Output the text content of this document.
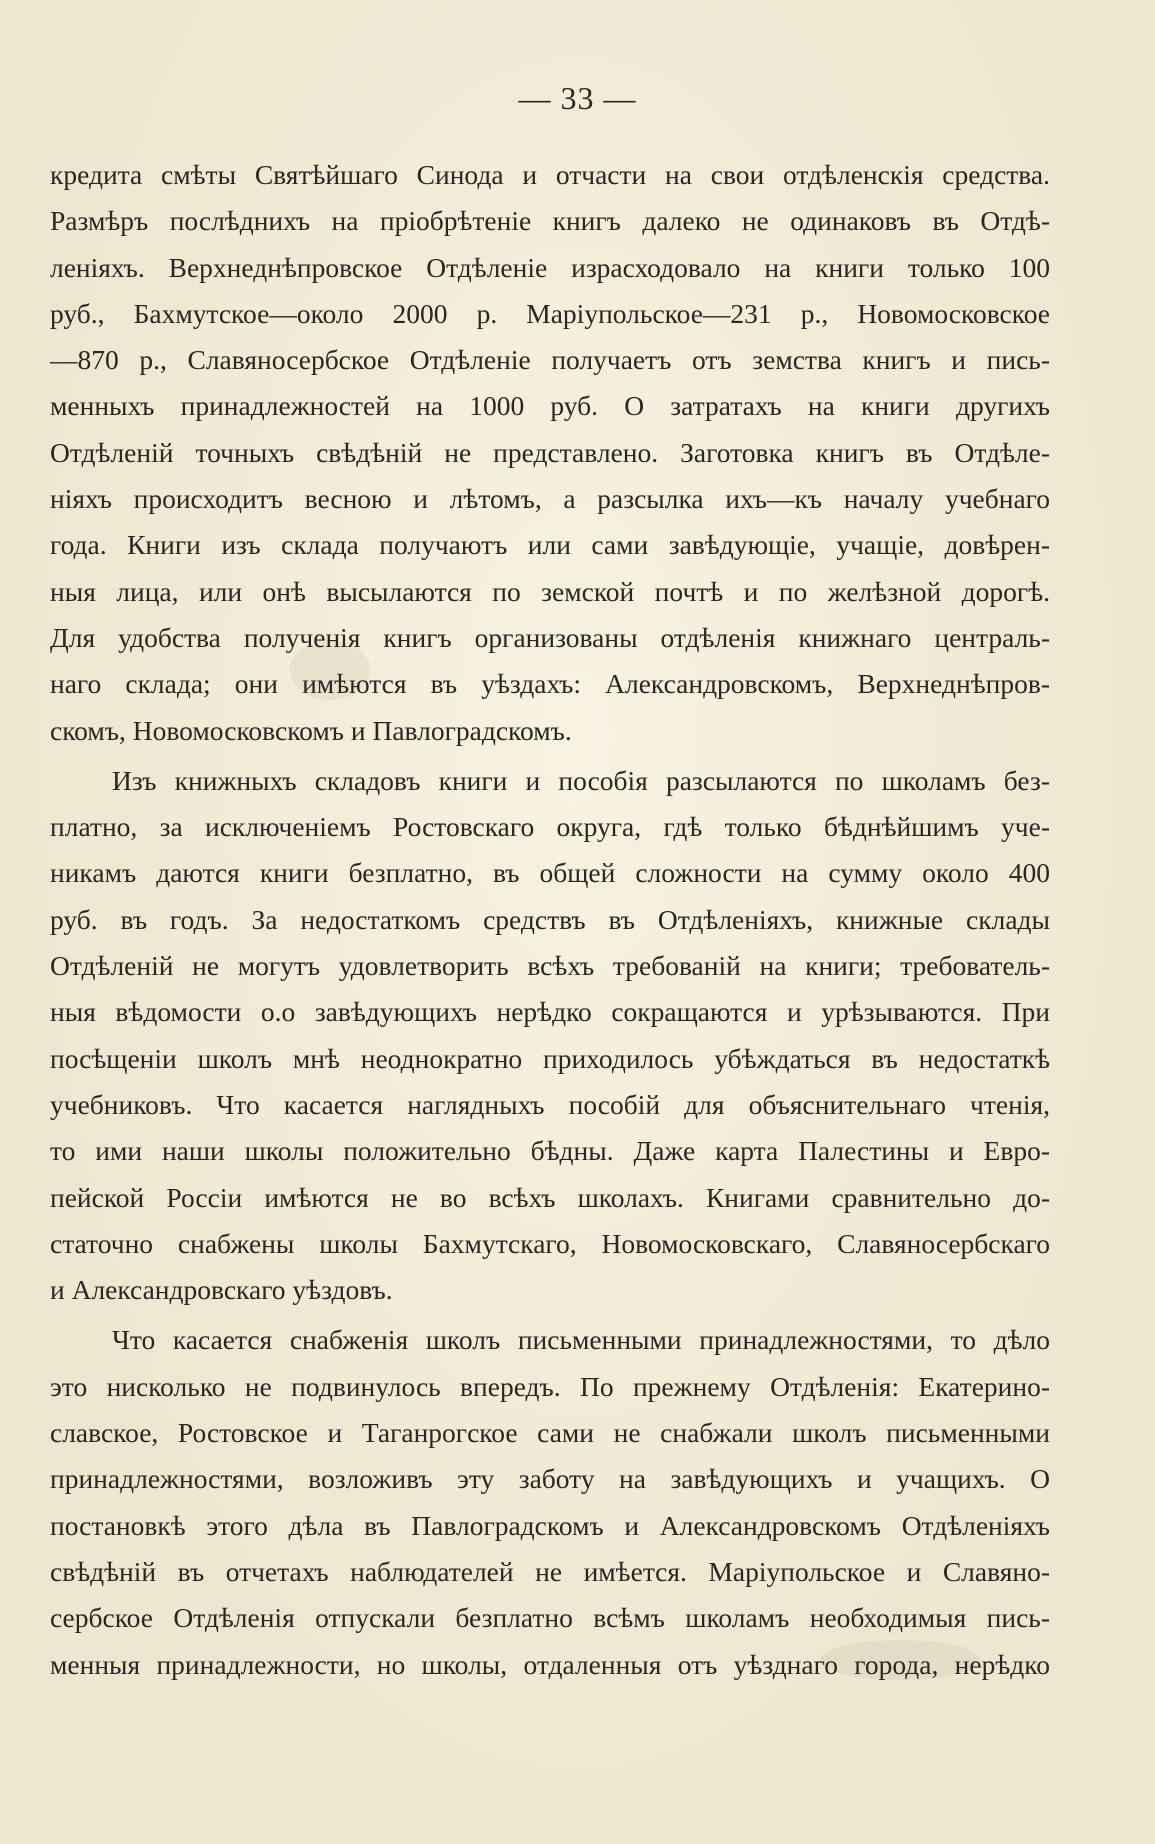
— 33 —
кредита смѣты Святѣйшаго Синода и отчасти на свои отдѣленскія средства.
Размѣръ послѣднихъ на пріобрѣтеніе книгъ далеко не одинаковъ въ Отдѣ-
леніяхъ. Верхнеднѣпровское Отдѣленіе израсходовало на книги только 100
руб., Бахмутское—около 2000 р. Маріупольское—231 р., Новомосковское
—870 р., Славяносербское Отдѣленіе получаетъ отъ земства книгъ и пись-
менныхъ принадлежностей на 1000 руб. О затратахъ на книги другихъ
Отдѣленій точныхъ свѣдѣній не представлено. Заготовка книгъ въ Отдѣле-
ніяхъ происходитъ весною и лѣтомъ, а разсылка ихъ—къ началу учебнаго
года. Книги изъ склада получаютъ или сами завѣдующіе, учащіе, довѣрен-
ныя лица, или онѣ высылаются по земской почтѣ и по желѣзной дорогѣ.
Для удобства полученія книгъ организованы отдѣленія книжнаго централь-
наго склада; они имѣются въ уѣздахъ: Александровскомъ, Верхнеднѣпров-
скомъ, Новомосковскомъ и Павлоградскомъ.
Изъ книжныхъ складовъ книги и пособія разсылаются по школамъ без-
платно, за исключеніемъ Ростовскаго округа, гдѣ только бѣднѣйшимъ уче-
никамъ даются книги безплатно, въ общей сложности на сумму около 400
руб. въ годъ. За недостаткомъ средствъ въ Отдѣленіяхъ, книжные склады
Отдѣленій не могутъ удовлетворить всѣхъ требованій на книги; требователь-
ныя вѣдомости о.о завѣдующихъ нерѣдко сокращаются и урѣзываются. При
посѣщеніи школъ мнѣ неоднократно приходилось убѣждаться въ недостаткѣ
учебниковъ. Что касается наглядныхъ пособій для объяснительнаго чтенія,
то ими наши школы положительно бѣдны. Даже карта Палестины и Евро-
пейской Россіи имѣются не во всѣхъ школахъ. Книгами сравнительно до-
статочно снабжены школы Бахмутскаго, Новомосковскаго, Славяносербскаго
и Александровскаго уѣздовъ.
Что касается снабженія школъ письменными принадлежностями, то дѣло
это нисколько не подвинулось впередъ. По прежнему Отдѣленія: Екатерино-
славское, Ростовское и Таганрогское сами не снабжали школъ письменными
принадлежностями, возложивъ эту заботу на завѣдующихъ и учащихъ. О
постановкѣ этого дѣла въ Павлоградскомъ и Александровскомъ Отдѣленіяхъ
свѣдѣній въ отчетахъ наблюдателей не имѣется. Маріупольское и Славяно-
сербское Отдѣленія отпускали безплатно всѣмъ школамъ необходимыя пись-
менныя принадлежности, но школы, отдаленныя отъ уѣзднаго города, нерѣдко
